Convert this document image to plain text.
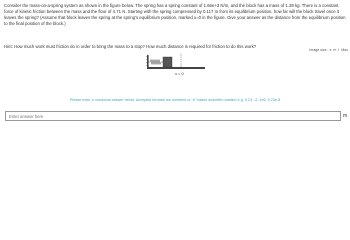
Consider the mass-on-a-spring system as shown in the figure below. The spring has a spring constant of 1.66e+3 N/m, and the block has a mass of 1.39 kg. There is a constant force of kinetic friction between the mass and the floor of 4.71 N. Starting with the spring compressed by 0.117 m from its equilibrium position, how far will the block travel once it leaves the spring? (Assume that block leaves the spring at the spring's equilibrium position, marked x=0 in the figure. Give your answer as the distance from the equilibrium position to the final position of the block.)
Hint: How much work must friction do in order to bring the mass to a stop? How much distance is required for friction to do this work?
Image size: s m l Max
x = 0
Please enter a numerical answer below. Accepted formats are numbers or "e" based scientific notation e.g. 0.23, -2, 1e6, 5.23e-8
Enter answer here
m
